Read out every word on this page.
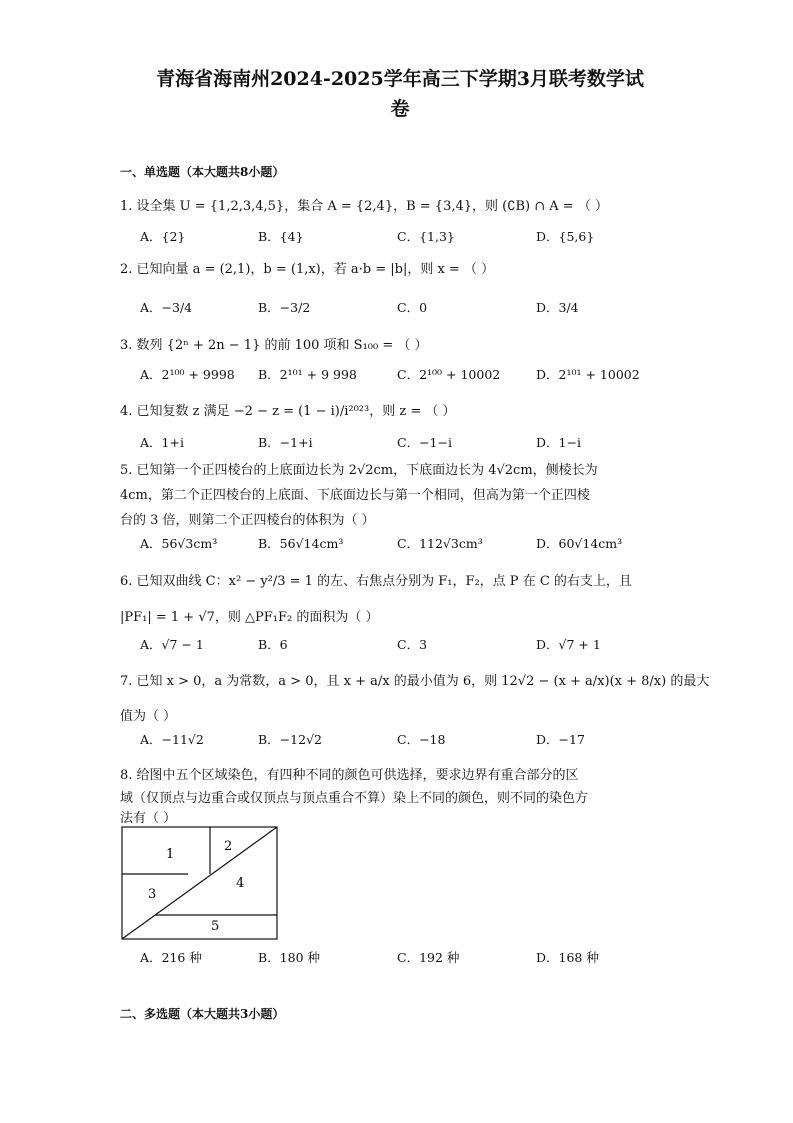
青海省海南州2024-2025学年高三下学期3月联考数学试
卷
一、单选题（本大题共8小题）
1. 设全集 U = {1,2,3,4,5}，集合 A = {2,4}，B = {3,4}，则 (∁B) ∩ A = （ ）
A．{2}	B．{4}	C．{1,3}	D．{5,6}
2. 已知向量 a = (2,1)，b = (1,x)，若 a·b = |b|，则 x = （ ）
A．−3/4	B．−3/2	C．0	D．3/4
3. 数列 {2ⁿ + 2n − 1} 的前 100 项和 S₁₀₀ = （ ）
A．2¹⁰⁰ + 9998 B．2¹⁰¹ + 9 998	C．2¹⁰⁰ + 10002	D．2¹⁰¹ + 10002
4. 已知复数 z 满足 −2 − z = (1 − i)/i²⁰²³，则 z = （ ）
A．1+i	B．−1+i	C．−1−i	D．1−i
5. 已知第一个正四棱台的上底面边长为 2√2cm，下底面边长为 4√2cm，侧棱长为
4cm，第二个正四棱台的上底面、下底面边长与第一个相同，但高为第一个正四棱
台的 3 倍，则第二个正四棱台的体积为（ ）
A．56√3cm³	B．56√14cm³	C．112√3cm³	D．60√14cm³
6. 已知双曲线 C：x² − y²/3 = 1 的左、右焦点分别为 F₁，F₂，点 P 在 C 的右支上，且
|PF₁| = 1 + √7，则 △PF₁F₂ 的面积为（ ）
A．√7 − 1	B．6	C．3	D．√7 + 1
7. 已知 x > 0，a 为常数，a > 0，且 x + a/x 的最小值为 6，则 12√2 − (x + a/x)(x + 8/x) 的最大
值为（ ）
A．−11√2	B．−12√2	C．−18	D．−17
8. 给图中五个区域染色，有四种不同的颜色可供选择，要求边界有重合部分的区
域（仅顶点与边重合或仅顶点与顶点重合不算）染上不同的颜色，则不同的染色方
法有（ ）
1
2
3
4
5
A．216 种	B．180 种	C．192 种	D．168 种
二、多选题（本大题共3小题）
